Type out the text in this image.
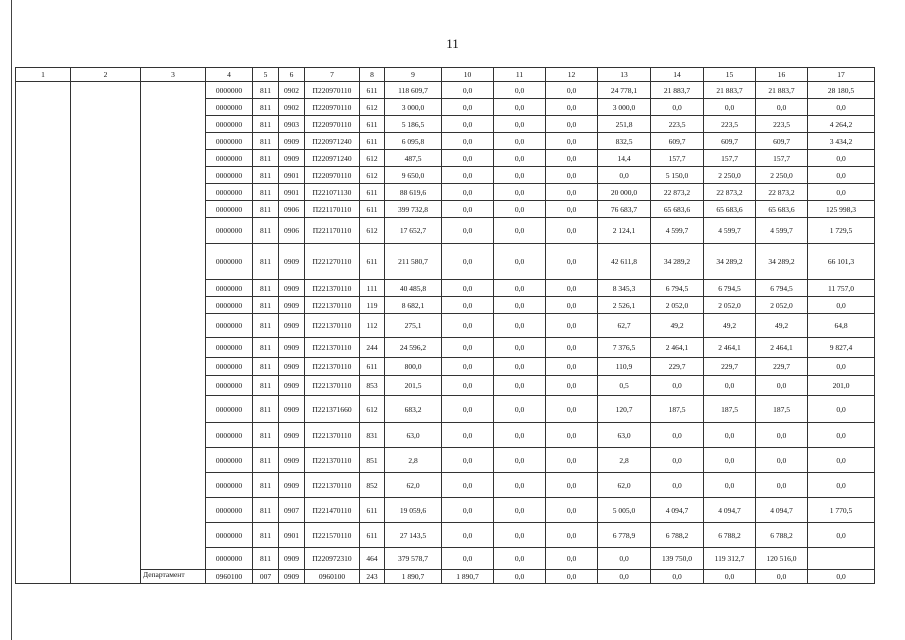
11
1	2	3	4	5	6	7	8	9	10	11	12	13	14	15	16	17
			0000000	811	0902	П220970110	611	118 609,7	0,0	0,0	0,0	24 778,1	21 883,7	21 883,7	21 883,7	28 180,5
			0000000	811	0902	П220970110	612	3 000,0	0,0	0,0	0,0	3 000,0	0,0	0,0	0,0	0,0
			0000000	811	0903	П220970110	611	5 186,5	0,0	0,0	0,0	251,8	223,5	223,5	223,5	4 264,2
			0000000	811	0909	П220971240	611	6 095,8	0,0	0,0	0,0	832,5	609,7	609,7	609,7	3 434,2
			0000000	811	0909	П220971240	612	487,5	0,0	0,0	0,0	14,4	157,7	157,7	157,7	0,0
			0000000	811	0901	П220970110	612	9 650,0	0,0	0,0	0,0	0,0	5 150,0	2 250,0	2 250,0	0,0
			0000000	811	0901	П221071130	611	88 619,6	0,0	0,0	0,0	20 000,0	22 873,2	22 873,2	22 873,2	0,0
			0000000	811	0906	П221170110	611	399 732,8	0,0	0,0	0,0	76 683,7	65 683,6	65 683,6	65 683,6	125 998,3
			0000000	811	0906	П221170110	612	17 652,7	0,0	0,0	0,0	2 124,1	4 599,7	4 599,7	4 599,7	1 729,5
			0000000	811	0909	П221270110	611	211 580,7	0,0	0,0	0,0	42 611,8	34 289,2	34 289,2	34 289,2	66 101,3
			0000000	811	0909	П221370110	111	40 485,8	0,0	0,0	0,0	8 345,3	6 794,5	6 794,5	6 794,5	11 757,0
			0000000	811	0909	П221370110	119	8 682,1	0,0	0,0	0,0	2 526,1	2 052,0	2 052,0	2 052,0	0,0
			0000000	811	0909	П221370110	112	275,1	0,0	0,0	0,0	62,7	49,2	49,2	49,2	64,8
			0000000	811	0909	П221370110	244	24 596,2	0,0	0,0	0,0	7 376,5	2 464,1	2 464,1	2 464,1	9 827,4
			0000000	811	0909	П221370110	611	800,0	0,0	0,0	0,0	110,9	229,7	229,7	229,7	0,0
			0000000	811	0909	П221370110	853	201,5	0,0	0,0	0,0	0,5	0,0	0,0	0,0	201,0
			0000000	811	0909	П221371660	612	683,2	0,0	0,0	0,0	120,7	187,5	187,5	187,5	0,0
			0000000	811	0909	П221370110	831	63,0	0,0	0,0	0,0	63,0	0,0	0,0	0,0	0,0
			0000000	811	0909	П221370110	851	2,8	0,0	0,0	0,0	2,8	0,0	0,0	0,0	0,0
			0000000	811	0909	П221370110	852	62,0	0,0	0,0	0,0	62,0	0,0	0,0	0,0	0,0
			0000000	811	0907	П221470110	611	19 059,6	0,0	0,0	0,0	5 005,0	4 094,7	4 094,7	4 094,7	1 770,5
			0000000	811	0901	П221570110	611	27 143,5	0,0	0,0	0,0	6 778,9	6 788,2	6 788,2	6 788,2	0,0
			0000000	811	0909	П220972310	464	379 578,7	0,0	0,0	0,0	0,0	139 750,0	119 312,7	120 516,0	
		Департамент	0960100	007	0909	0960100	243	1 890,7	1 890,7	0,0	0,0	0,0	0,0	0,0	0,0	0,0
